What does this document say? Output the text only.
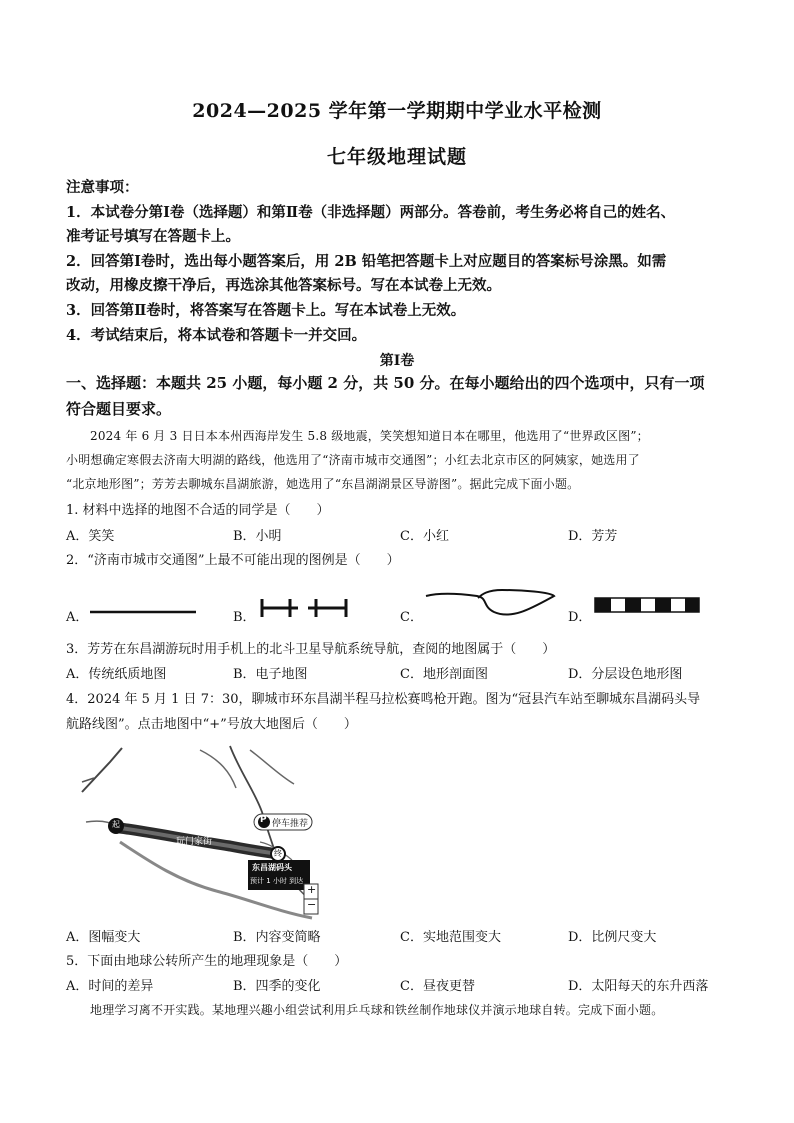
2024—2025 学年第一学期期中学业水平检测
七年级地理试题
注意事项：
1．本试卷分第Ⅰ卷（选择题）和第Ⅱ卷（非选择题）两部分。答卷前，考生务必将自己的姓名、
准考证号填写在答题卡上。
2．回答第Ⅰ卷时，选出每小题答案后，用 2B 铅笔把答题卡上对应题目的答案标号涂黑。如需
改动，用橡皮擦干净后，再选涂其他答案标号。写在本试卷上无效。
3．回答第Ⅱ卷时，将答案写在答题卡上。写在本试卷上无效。
4．考试结束后，将本试卷和答题卡一并交回。
第Ⅰ卷
一、选择题：本题共 25 小题，每小题 2 分，共 50 分。在每小题给出的四个选项中，只有一项
符合题目要求。
2024 年 6 月 3 日日本本州西海岸发生 5.8 级地震，笑笑想知道日本在哪里，他选用了“世界政区图”；
小明想确定寒假去济南大明湖的路线，他选用了“济南市城市交通图”；小红去北京市区的阿姨家，她选用了
“北京地形图”；芳芳去聊城东昌湖旅游，她选用了“东昌湖湖景区导游图”。据此完成下面小题。
1. 材料中选择的地图不合适的同学是（　　）
A．笑笑	B．小明	C．小红	D．芳芳
2．“济南市城市交通图”上最不可能出现的图例是（　　）
A．	B．	C．	D．
3．芳芳在东昌湖游玩时用手机上的北斗卫星导航系统导航，查阅的地图属于（　　）
A．传统纸质地图	B．电子地图	C．地形剖面图	D．分层设色地形图
4．2024 年 5 月 1 日 7：30，聊城市环东昌湖半程马拉松赛鸣枪开跑。图为“冠县汽车站至聊城东昌湖码头导
航路线图”。点击地图中“+”号放大地图后（　　）
P 停车推荐
起
终
玩门家街
东昌湖码头
预计 1 小时 到达
+
−
A．图幅变大	B．内容变简略	C．实地范围变大	D．比例尺变大
5．下面由地球公转所产生的地理现象是（　　）
A．时间的差异	B．四季的变化	C．昼夜更替	D．太阳每天的东升西落
地理学习离不开实践。某地理兴趣小组尝试利用乒乓球和铁丝制作地球仪并演示地球自转。完成下面小题。
